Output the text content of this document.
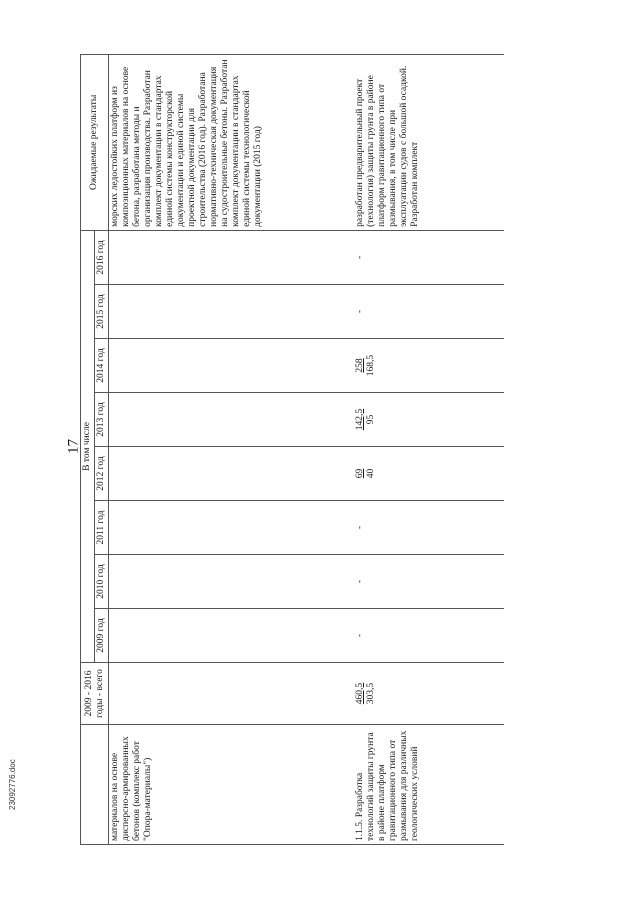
17
23092776.doc
	2009 - 2016 годы - всего	В том числе								Ожидаемые результаты
		2009 год	2010 год	2011 год	2012 год	2013 год	2014 год	2015 год	2016 год	
материалов на основе дисперсно-армированных бетонов (комплекс работ "Опора-материалы")										морских ледостойких платформ из композиционных материалов на основе бетона, разработана методы и организация производства. Разработан комплект документации в стандартах единой системы конструкторской документации и единой системы проектной документации для строительства (2016 год). Разработана нормативно-техническая документация на судостроительные бетоны. Разработан комплект документации в стандартах единой системы технологической документации (2015 год)
1.1.5. Разработка технологий защиты грунта в районе платформ гравитационного типа от размывания для различных геологических условий	460,5 303,5	-	-	-	69 40	142,5 95	258 168,5	-	-	разработан предварительный проект (технология) защиты грунта в районе платформ гравитационного типа от размывания, в том числе при эксплуатации судов с большой осадкой. Разработан комплект
